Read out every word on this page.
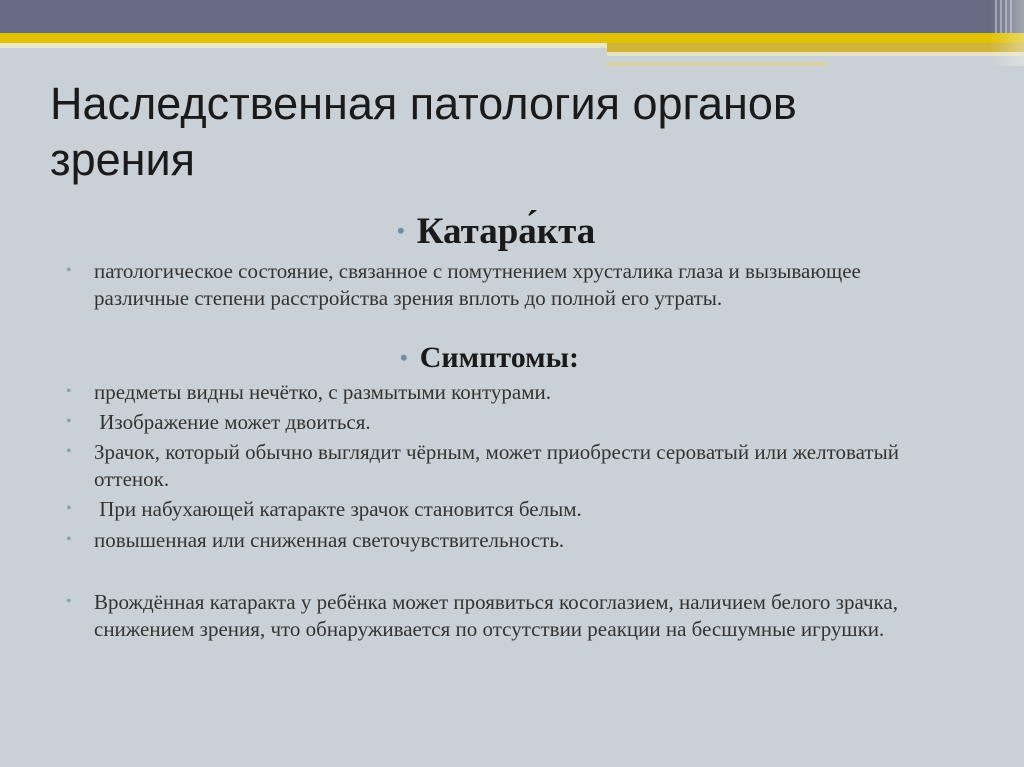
Наследственная патология органов зрения
• Катара́кта
•	патологическое состояние, связанное с помутнением хрусталика глаза и вызывающее различные степени расстройства зрения вплоть до полной его утраты.
• Симптомы:
•	предметы видны нечётко, с размытыми контурами.
•	Изображение может двоиться.
•	Зрачок, который обычно выглядит чёрным, может приобрести сероватый или желтоватый оттенок.
•	При набухающей катаракте зрачок становится белым.
•	повышенная или сниженная светочувствительность.
•	Врождённая катаракта у ребёнка может проявиться косоглазием, наличием белого зрачка, снижением зрения, что обнаруживается по отсутствии реакции на бесшумные игрушки.
